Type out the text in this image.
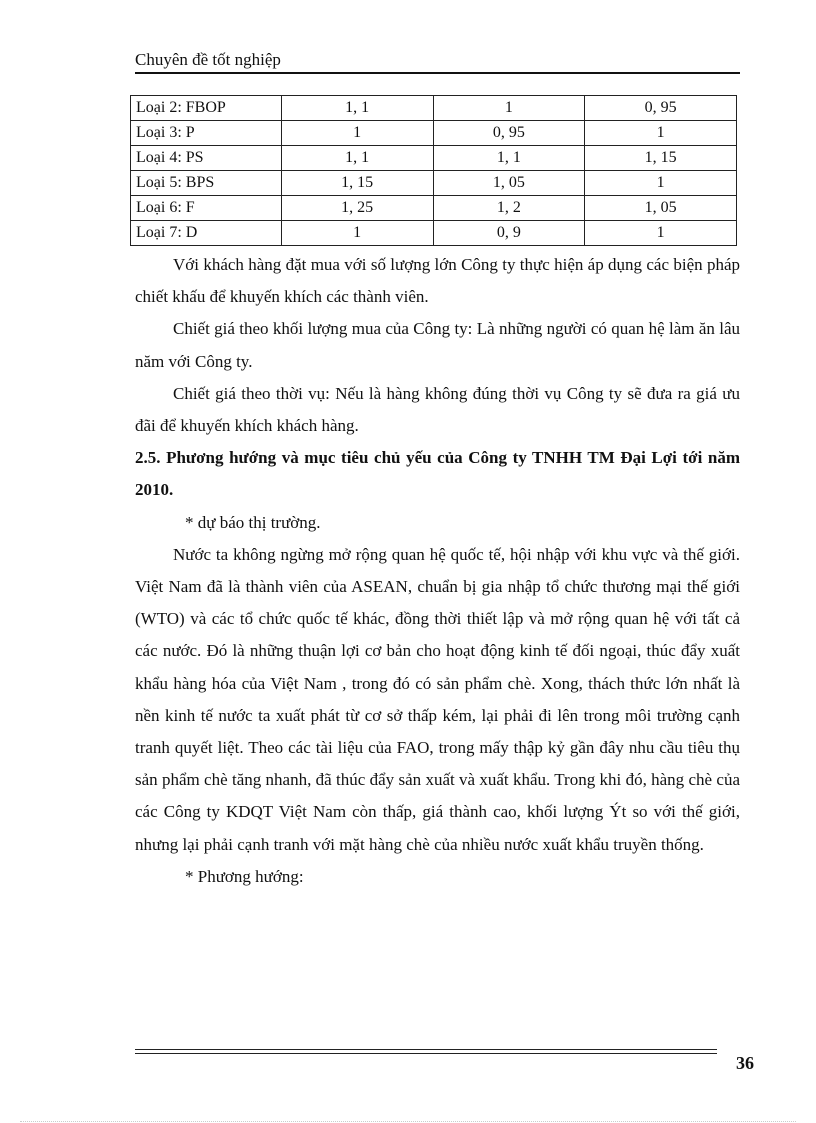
Chuyên đề tốt nghiệp
Loại 2: FBOP	1, 1	1	0, 95
Loại 3: P	1	0, 95	1
Loại 4: PS	1, 1	1, 1	1, 15
Loại 5: BPS	1, 15	1, 05	1
Loại 6: F	1, 25	1, 2	1, 05
Loại 7: D	1	0, 9	1

Với khách hàng đặt mua với số lượng lớn Công ty thực hiện áp dụng các biện pháp chiết khấu để khuyến khích các thành viên.

Chiết giá theo khối lượng mua của Công ty: Là những người có quan hệ làm ăn lâu năm với Công ty.

Chiết giá theo thời vụ: Nếu là hàng không đúng thời vụ Công ty sẽ đưa ra giá ưu đãi để khuyến khích khách hàng.

2.5. Phương hướng và mục tiêu chủ yếu của Công ty TNHH TM Đại Lợi tới năm 2010.

* dự báo thị trường.

Nước ta không ngừng mở rộng quan hệ quốc tế, hội nhập với khu vực và thế giới. Việt Nam đã là thành viên của ASEAN, chuẩn bị gia nhập tổ chức thương mại thế giới (WTO) và các tổ chức quốc tế khác, đồng thời thiết lập và mở rộng quan hệ với tất cả các nước. Đó là những thuận lợi cơ bản cho hoạt động kinh tế đối ngoại, thúc đẩy xuất khẩu hàng hóa của Việt Nam , trong đó có sản phẩm chè. Xong, thách thức lớn nhất là nền kinh tế nước ta xuất phát từ cơ sở thấp kém, lại phải đi lên trong môi trường cạnh tranh quyết liệt. Theo các tài liệu của FAO, trong mấy thập kỷ gần đây nhu cầu tiêu thụ sản phẩm chè tăng nhanh, đã thúc đẩy sản xuất và xuất khẩu. Trong khi đó, hàng chè của các Công ty KDQT Việt Nam còn thấp, giá thành cao, khối lượng Ýt so với thế giới, nhưng lại phải cạnh tranh với mặt hàng chè của nhiều nước xuất khẩu truyền thống.

* Phương hướng:

36
